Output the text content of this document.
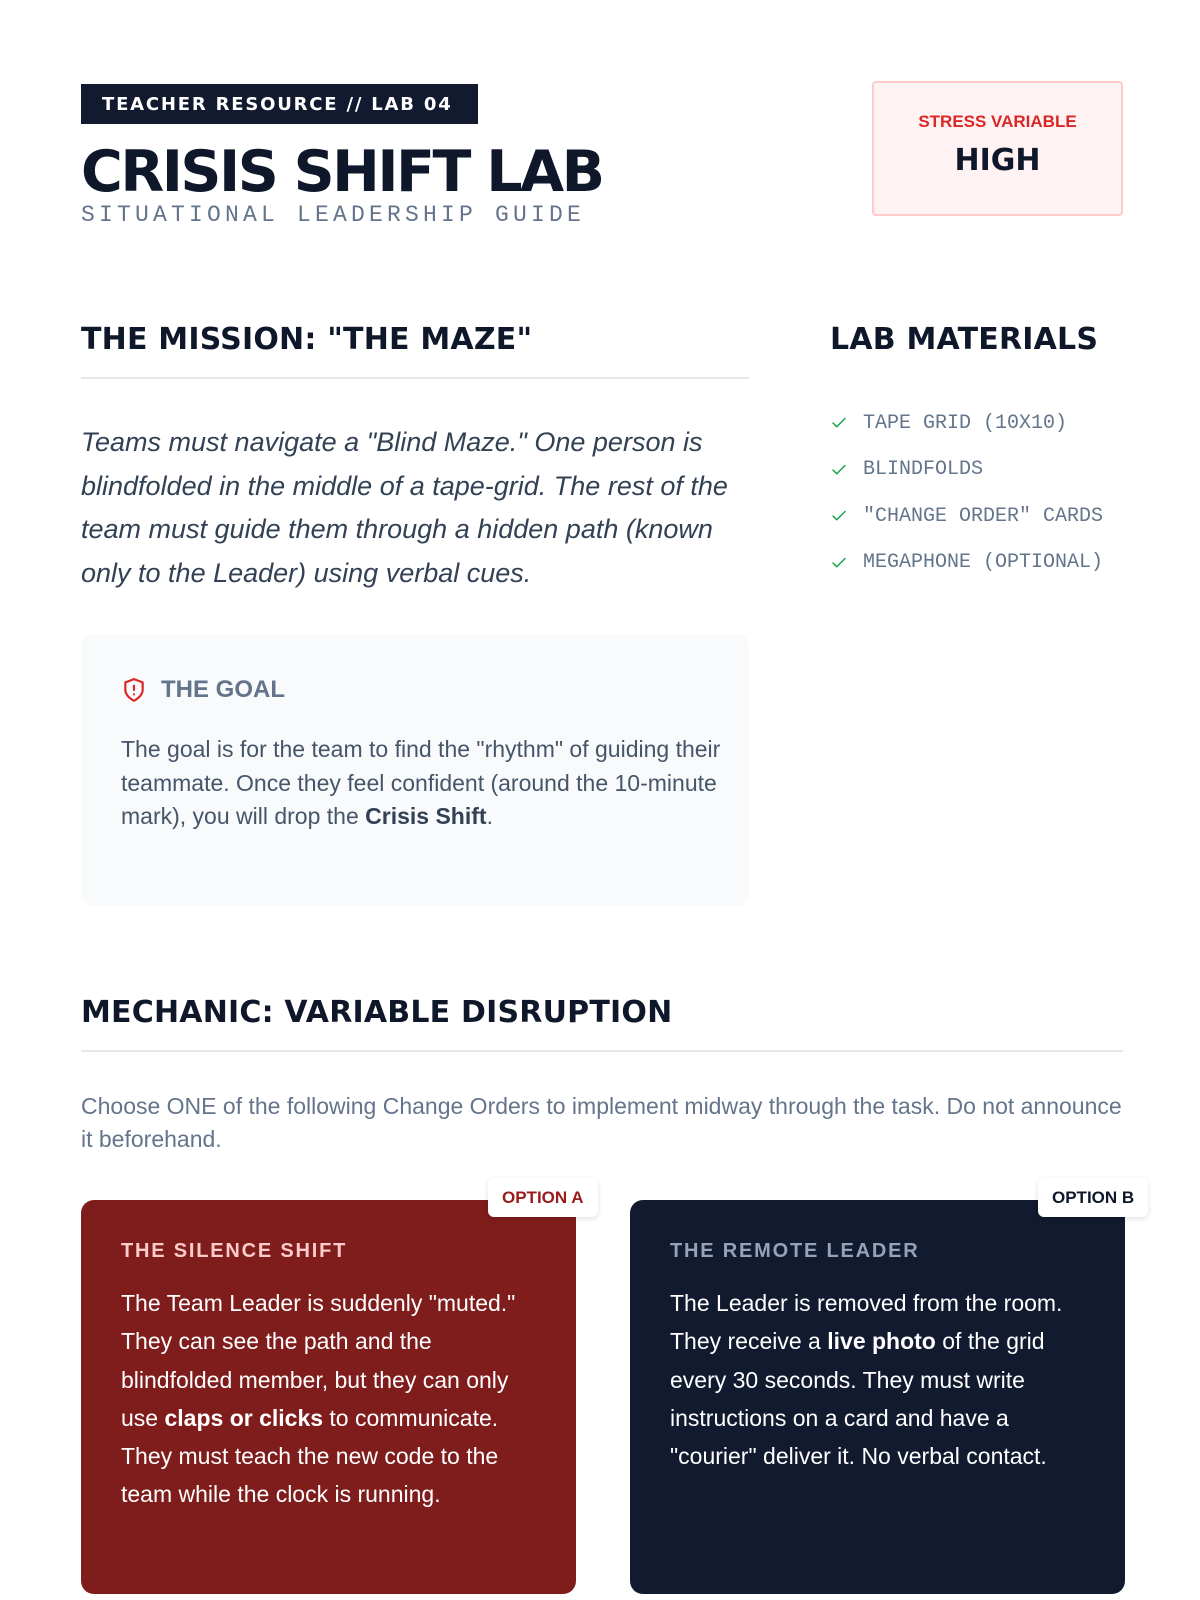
TEACHER RESOURCE // LAB 04
CRISIS SHIFT LAB
SITUATIONAL LEADERSHIP GUIDE
STRESS VARIABLE
HIGH
THE MISSION: "THE MAZE"
Teams must navigate a "Blind Maze." One person is blindfolded in the middle of a tape-grid. The rest of the team must guide them through a hidden path (known only to the Leader) using verbal cues.
THE GOAL
The goal is for the team to find the "rhythm" of guiding their teammate. Once they feel confident (around the 10-minute mark), you will drop the Crisis Shift.
LAB MATERIALS
TAPE GRID (10X10)
BLINDFOLDS
"CHANGE ORDER" CARDS
MEGAPHONE (OPTIONAL)
MECHANIC: VARIABLE DISRUPTION
Choose ONE of the following Change Orders to implement midway through the task. Do not announce it beforehand.
THE SILENCE SHIFT
The Team Leader is suddenly "muted." They can see the path and the blindfolded member, but they can only use claps or clicks to communicate. They must teach the new code to the team while the clock is running.
OPTION A
THE REMOTE LEADER
The Leader is removed from the room. They receive a live photo of the grid every 30 seconds. They must write instructions on a card and have a "courier" deliver it. No verbal contact.
OPTION B
